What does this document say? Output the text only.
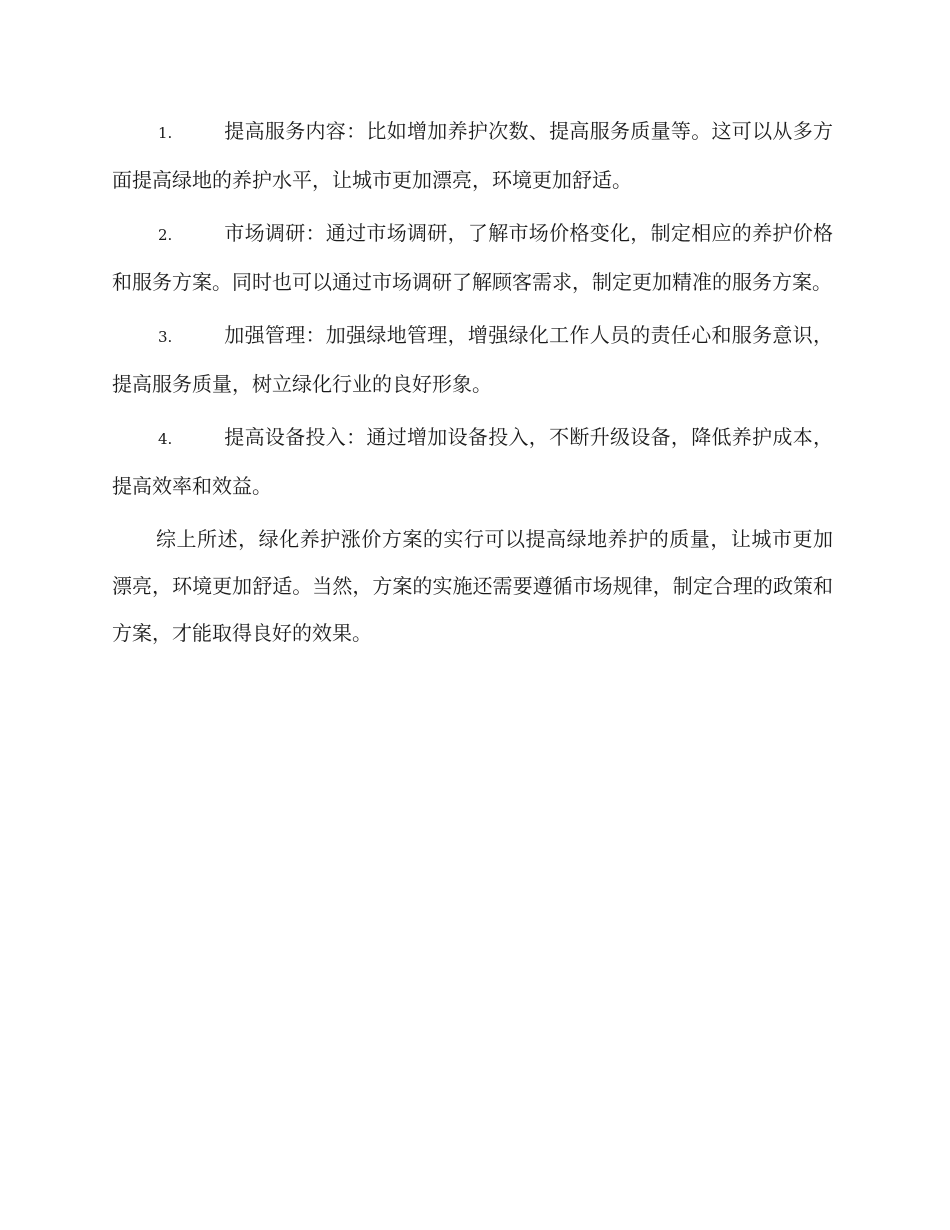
1.	提高服务内容：比如增加养护次数、提高服务质量等。这可以从多方面提高绿地的养护水平，让城市更加漂亮，环境更加舒适。

2.	市场调研：通过市场调研，了解市场价格变化，制定相应的养护价格和服务方案。同时也可以通过市场调研了解顾客需求，制定更加精准的服务方案。

3.	加强管理：加强绿地管理，增强绿化工作人员的责任心和服务意识，提高服务质量，树立绿化行业的良好形象。

4.	提高设备投入：通过增加设备投入，不断升级设备，降低养护成本，提高效率和效益。

综上所述，绿化养护涨价方案的实行可以提高绿地养护的质量，让城市更加漂亮，环境更加舒适。当然，方案的实施还需要遵循市场规律，制定合理的政策和方案，才能取得良好的效果。
